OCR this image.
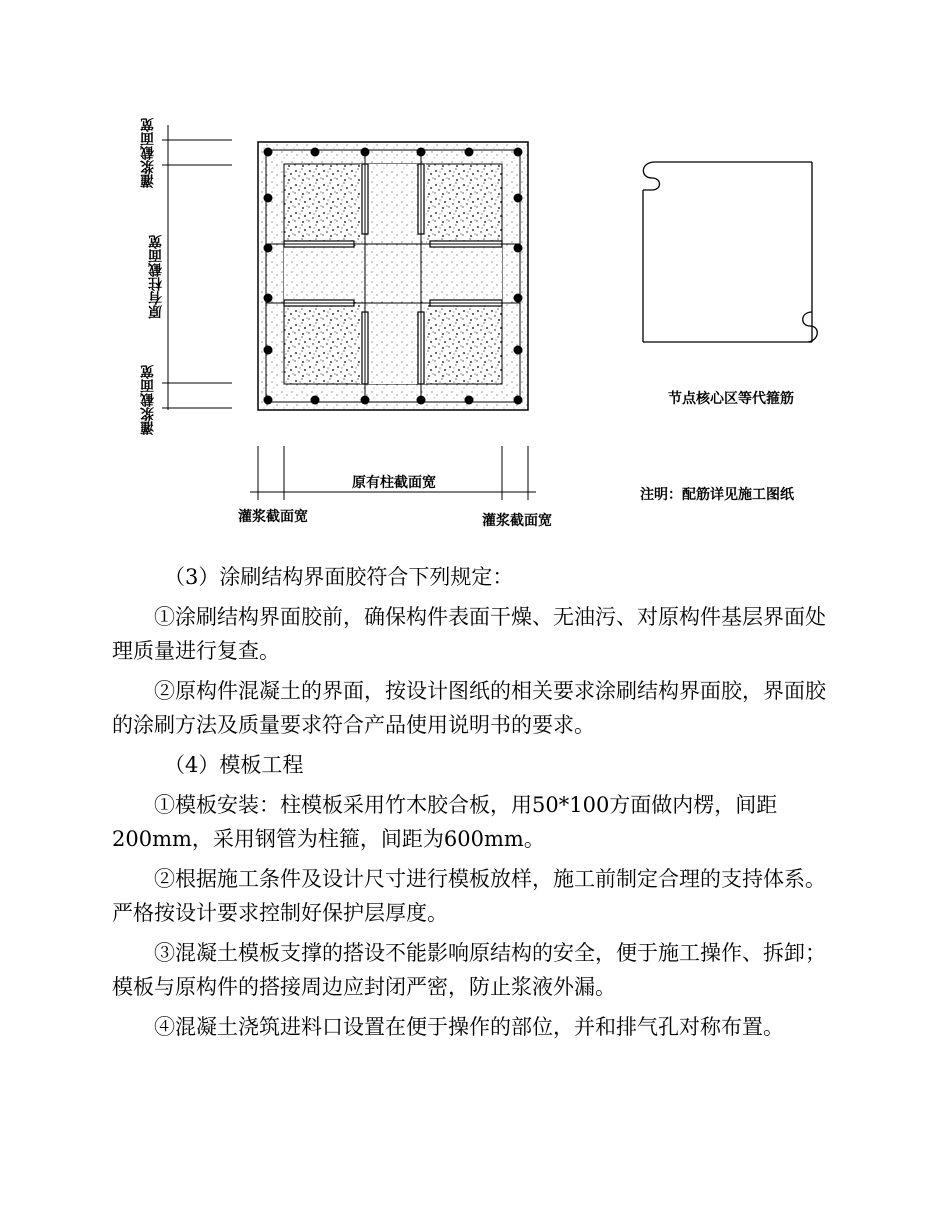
灌浆截面宽
原有柱截面宽
灌浆截面宽
原有柱截面宽
灌浆截面宽	灌浆截面宽
节点核心区等代箍筋
注明：配筋详见施工图纸

（3）涂刷结构界面胶符合下列规定：

①涂刷结构界面胶前，确保构件表面干燥、无油污、对原构件基层界面处理质量进行复查。

②原构件混凝土的界面，按设计图纸的相关要求涂刷结构界面胶，界面胶的涂刷方法及质量要求符合产品使用说明书的要求。

（4）模板工程

①模板安装：柱模板采用竹木胶合板，用50*100方面做内楞，间距200mm，采用钢管为柱箍，间距为600mm。

②根据施工条件及设计尺寸进行模板放样，施工前制定合理的支持体系。严格按设计要求控制好保护层厚度。

③混凝土模板支撑的搭设不能影响原结构的安全，便于施工操作、拆卸；模板与原构件的搭接周边应封闭严密，防止浆液外漏。

④混凝土浇筑进料口设置在便于操作的部位，并和排气孔对称布置。
